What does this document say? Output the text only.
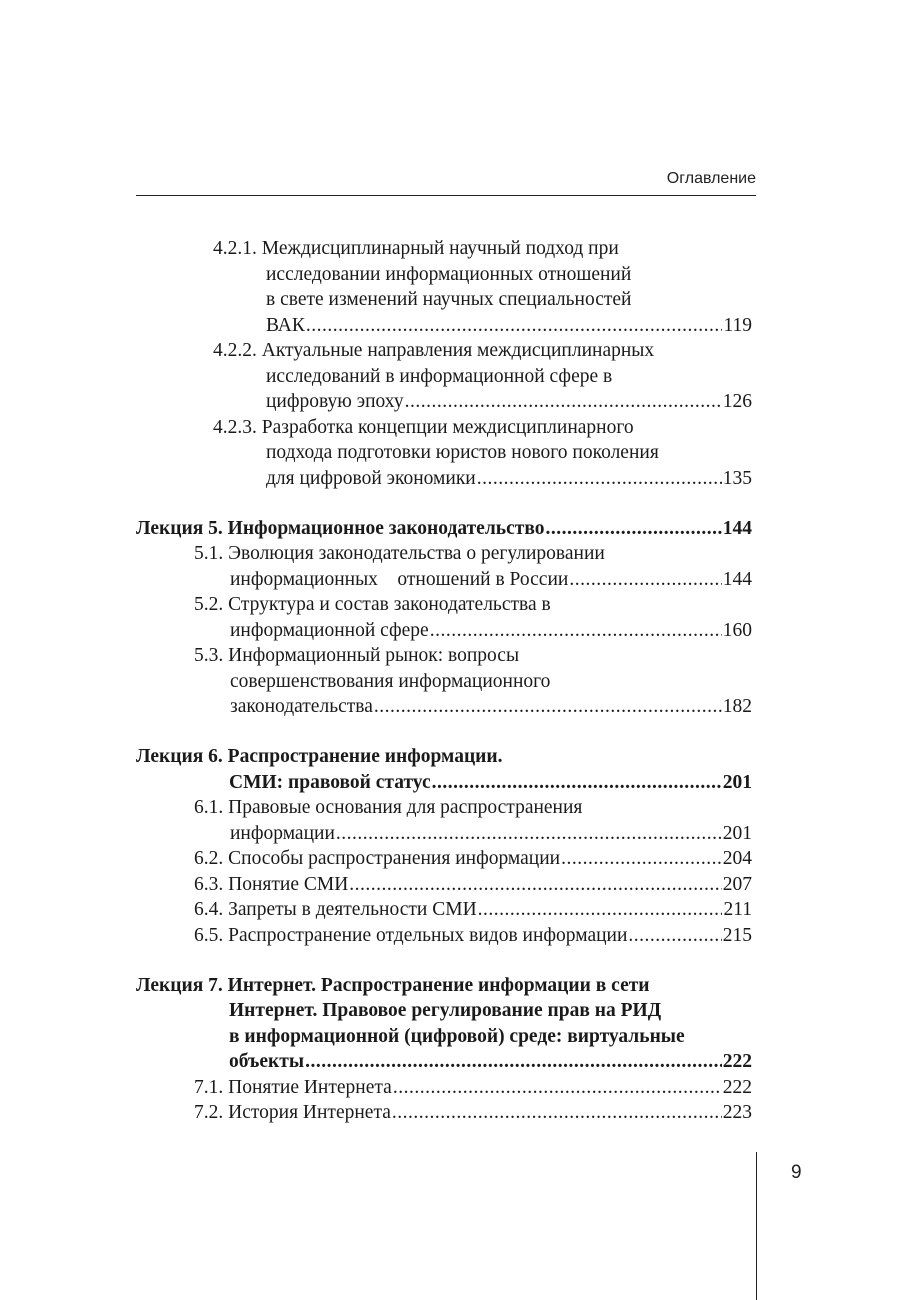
Оглавление
4.2.1. Междисциплинарный научный подход при
исследовании информационных отношений
в свете изменений научных специальностей
ВАК .....	119
4.2.2. Актуальные направления междисциплинарных
исследований в информационной сфере в
цифровую эпоху .....	126
4.2.3. Разработка концепции междисциплинарного
подхода подготовки юристов нового поколения
для цифровой экономики .....	135
Лекция 5. Информационное законодательство .....	144
5.1. Эволюция законодательства о регулировании
информационных    отношений в России .....	144
5.2. Структура и состав законодательства в
информационной сфере .....	160
5.3. Информационный рынок: вопросы
совершенствования информационного
законодательства .....	182
Лекция 6. Распространение информации.
СМИ: правовой статус .....	201
6.1. Правовые основания для распространения
информации .....	201
6.2. Способы распространения информации .....	204
6.3. Понятие СМИ .....	207
6.4. Запреты в деятельности СМИ .....	211
6.5. Распространение отдельных видов информации .....	215
Лекция 7. Интернет. Распространение информации в сети
Интернет. Правовое регулирование прав на РИД
в информационной (цифровой) среде: виртуальные
объекты .....	222
7.1. Понятие Интернета .....	222
7.2. История Интернета .....	223
9
